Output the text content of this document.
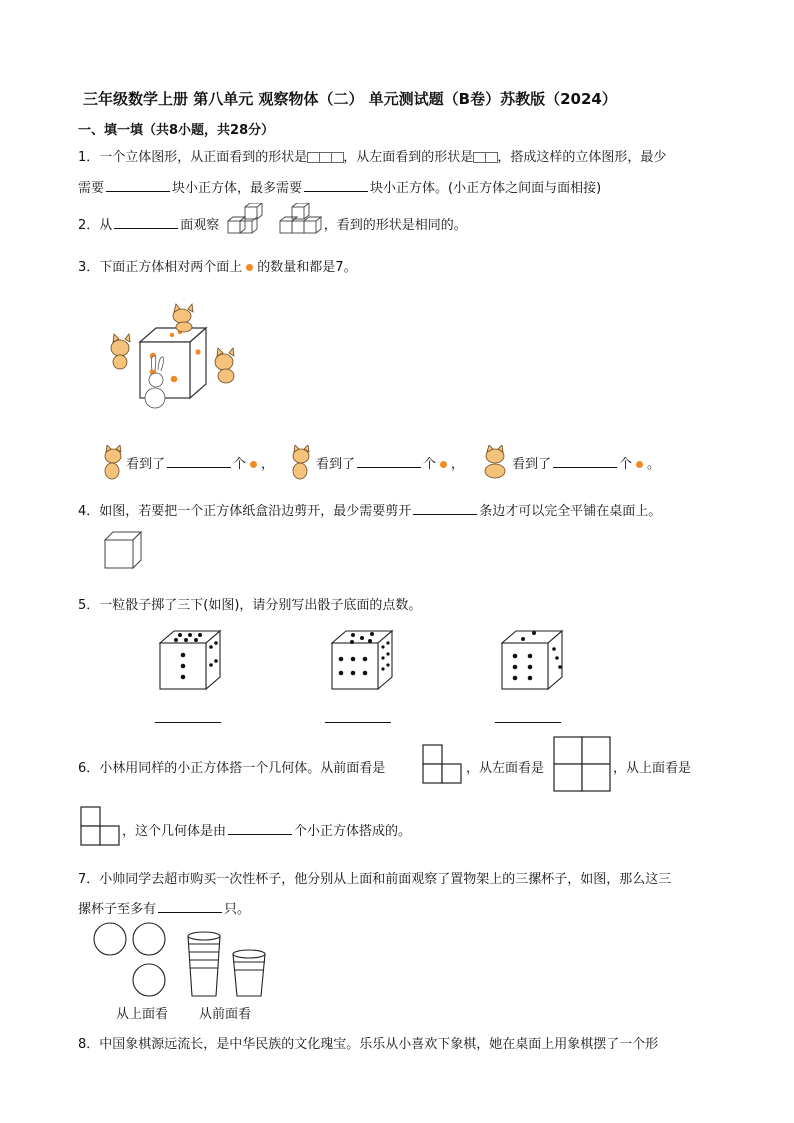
三年级数学上册 第八单元 观察物体（二） 单元测试题（B卷）苏教版（2024）
一、填一填（共8小题，共28分）
1．一个立体图形，从正面看到的形状是	，从左面看到的形状是 ，搭成这样的立体图形，最少
需要	块小正方体，最多需要	块小正方体。(小正方体之间面与面相接)
2．从	面观察	，看到的形状是相同的。
3．下面正方体相对两个面上 的数量和都是7。
看到了	个 ，	看到了	个 ，	看到了	个 。
4．如图，若要把一个正方体纸盒沿边剪开，最少需要剪开	条边才可以完全平铺在桌面上。
5．一粒骰子掷了三下(如图)，请分别写出骰子底面的点数。
6．小林用同样的小正方体搭一个几何体。从前面看是	，从左面看是	，从上面看是
，这个几何体是由	个小正方体搭成的。
7．小帅同学去超市购买一次性杯子，他分别从上面和前面观察了置物架上的三摞杯子，如图，那么这三
摞杯子至多有	只。
从上面看 从前面看
8．中国象棋源远流长，是中华民族的文化瑰宝。乐乐从小喜欢下象棋，她在桌面上用象棋摆了一个形
